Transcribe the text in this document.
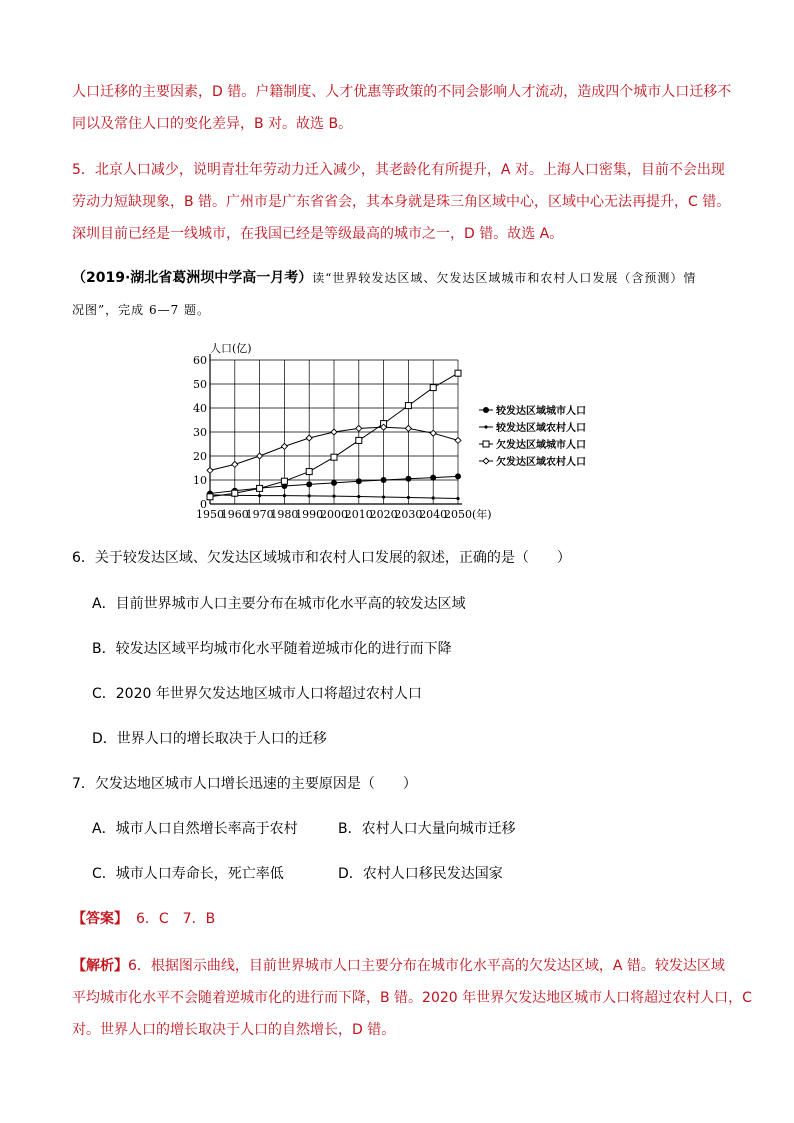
人口迁移的主要因素，D 错。户籍制度、人才优惠等政策的不同会影响人才流动，造成四个城市人口迁移不
同以及常住人口的变化差异，B 对。故选 B。
5．北京人口减少，说明青壮年劳动力迁入减少，其老龄化有所提升，A 对。上海人口密集，目前不会出现
劳动力短缺现象，B 错。广州市是广东省省会，其本身就是珠三角区域中心，区域中心无法再提升，C 错。
深圳目前已经是一线城市，在我国已经是等级最高的城市之一，D 错。故选 A。
（2019·湖北省葛洲坝中学高一月考）读“世界较发达区域、欠发达区域城市和农村人口发展（含预测）情
况图”，完成 6—7 题。
0
10
20
30
40
50
60
1950
1960
1970
1980
1990
2000
2010
2020
2030
2040
2050 (年)
较发达区域城市人口
较发达区域农村人口
欠发达区域城市人口
欠发达区域农村人口
人口(亿)
6．关于较发达区域、欠发达区域城市和农村人口发展的叙述，正确的是（　　）
A．目前世界城市人口主要分布在城市化水平高的较发达区域
B．较发达区域平均城市化水平随着逆城市化的进行而下降
C．2020 年世界欠发达地区城市人口将超过农村人口
D．世界人口的增长取决于人口的迁移
7．欠发达地区城市人口增长迅速的主要原因是（　　）
A．城市人口自然增长率高于农村	B．农村人口大量向城市迁移
C．城市人口寿命长，死亡率低	D．农村人口移民发达国家
【答案】 6．C　7．B
【解析】6．根据图示曲线，目前世界城市人口主要分布在城市化水平高的欠发达区域，A 错。较发达区域
平均城市化水平不会随着逆城市化的进行而下降，B 错。2020 年世界欠发达地区城市人口将超过农村人口，C
对。世界人口的增长取决于人口的自然增长，D 错。
